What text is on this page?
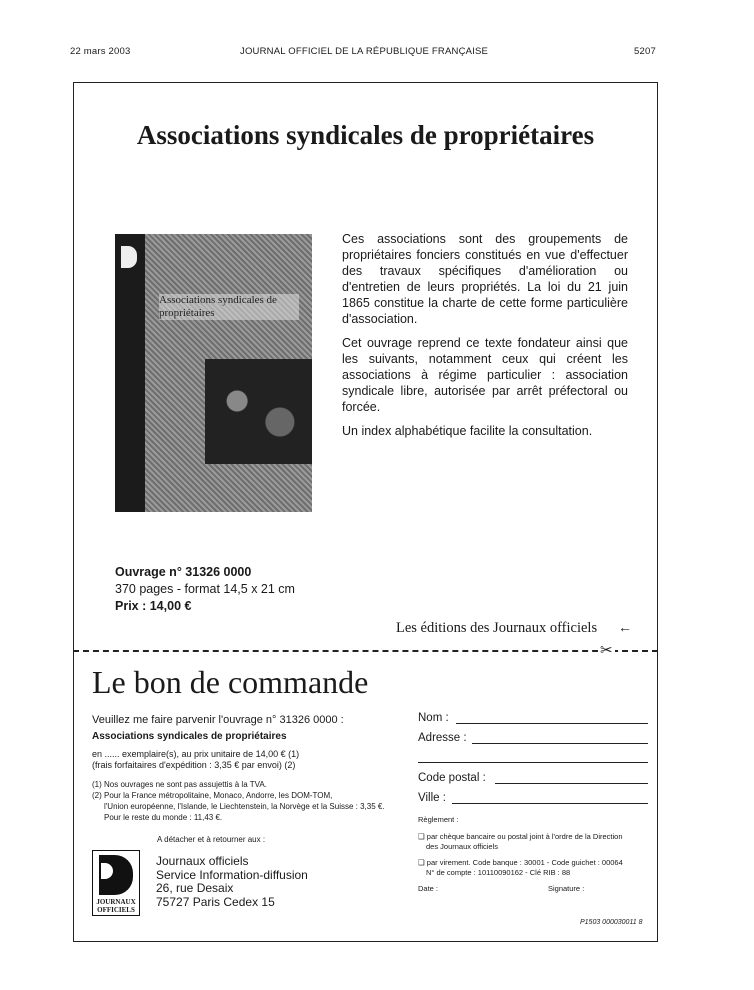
22 mars 2003	JOURNAL OFFICIEL DE LA RÉPUBLIQUE FRANÇAISE	5207
Associations syndicales de propriétaires
Associations syndicales de propriétaires

Ces associations sont des groupements de propriétaires fonciers constitués en vue d'effectuer des travaux spécifiques d'amélioration ou d'entretien de leurs propriétés. La loi du 21 juin 1865 constitue la charte de cette forme particulière d'association.

Cet ouvrage reprend ce texte fondateur ainsi que les suivants, notamment ceux qui créent les associations à régime particulier : association syndicale libre, autorisée par arrêt préfectoral ou forcée.

Un index alphabétique facilite la consultation.

Ouvrage n° 31326 0000
370 pages - format 14,5 x 21 cm
Prix : 14,00 €
Les éditions des Journaux officiels ←
✂
Le bon de commande
Veuillez me faire parvenir l'ouvrage n° 31326 0000 :
Associations syndicales de propriétaires
en ...... exemplaire(s), au prix unitaire de 14,00 € (1)
(frais forfaitaires d'expédition : 3,35 € par envoi) (2)
(1) Nos ouvrages ne sont pas assujettis à la TVA.
(2) Pour la France métropolitaine, Monaco, Andorre, les DOM-TOM,
l'Union européenne, l'Islande, le Liechtenstein, la Norvège et la Suisse : 3,35 €.
Pour le reste du monde : 11,43 €.
A détacher et à retourner aux :
JOURNAUX
OFFICIELS
Journaux officiels
Service Information-diffusion
26, rue Desaix
75727 Paris Cedex 15
Nom :
Adresse :
Code postal :
Ville :
Règlement :
❑ par chèque bancaire ou postal joint à l'ordre de la Direction
des Journaux officiels
❑ par virement. Code banque : 30001 - Code guichet : 00064
N° de compte : 10110090162 - Clé RIB : 88
Date :	Signature :
P1503 000030011 8
